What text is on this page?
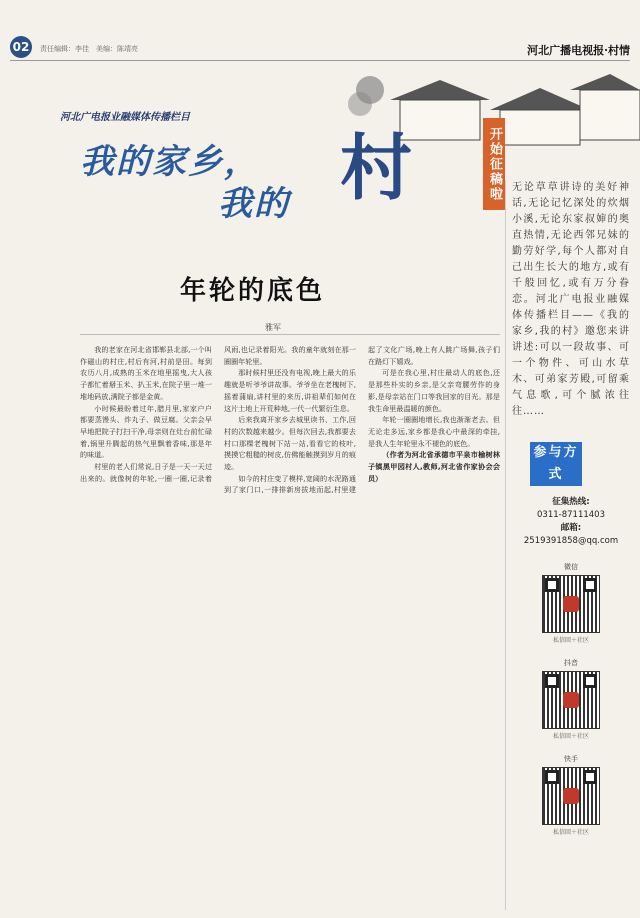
02	责任编辑：李佳　美编：陈靖亮	河北广播电视报·村情
河北广电报业融媒体传播栏目
我的家乡，
我的 村	开始征稿啦
年轮的底色
雅军

我的老家在河北省邯郸县北部,一个叫作磁山的村庄,村后有河,村前是田。每到农历八月,成熟的玉米在地里摇曳,大人孩子都忙着掰玉米、扒玉米,在院子里一堆一堆地码放,满院子都是金黄。

小时候最盼着过年,腊月里,家家户户都要蒸馒头、炸丸子、做豆腐。父亲会早早地把院子打扫干净,母亲则在灶台前忙碌着,锅里升腾起的热气里飘着香味,那是年的味道。

村里的老人们常说,日子是一天一天过出来的。就像树的年轮,一圈一圈,记录着风雨,也记录着阳光。我的童年就刻在那一圈圈年轮里。

那时候村里还没有电视,晚上最大的乐趣就是听爷爷讲故事。爷爷坐在老槐树下,摇着蒲扇,讲村里的来历,讲祖辈们如何在这片土地上开荒种地,一代一代繁衍生息。

后来我离开家乡去城里读书、工作,回村的次数越来越少。但每次回去,我都要去村口那棵老槐树下站一站,看看它的枝叶,摸摸它粗糙的树皮,仿佛能触摸到岁月的痕迹。

如今的村庄变了模样,宽阔的水泥路通到了家门口,一排排新房拔地而起,村里建起了文化广场,晚上有人跳广场舞,孩子们在路灯下嬉戏。

可是在我心里,村庄最动人的底色,还是那些朴实的乡亲,是父亲弯腰劳作的身影,是母亲站在门口等我回家的目光。那是我生命里最温暖的颜色。

年轮一圈圈地增长,我也渐渐老去。但无论走多远,家乡都是我心中最深的牵挂,是我人生年轮里永不褪色的底色。

（作者为河北省承德市平泉市榆树林子镇黑甲园村人,教师,河北省作家协会会员）

无论草草讲诗的美好神话,无论记忆深处的炊烟小溪,无论东家叔婶的奥直热情,无论西邻兄妹的勤劳好学,每个人都对自己出生长大的地方,或有千般回忆,或有万分眷恋。河北广电报业融媒体传播栏目——《我的家乡,我的村》邀您来讲讲述:可以一段故事、可一个物件、可山水草木、可弟家芳殿,可留乘气息歌,可个腻浓往往……
参与方式
征集热线:
0311-87111403
邮箱:
2519391858@qq.com
微信
私信回＋社区
抖音
私信回＋社区
快手
私信回＋社区
